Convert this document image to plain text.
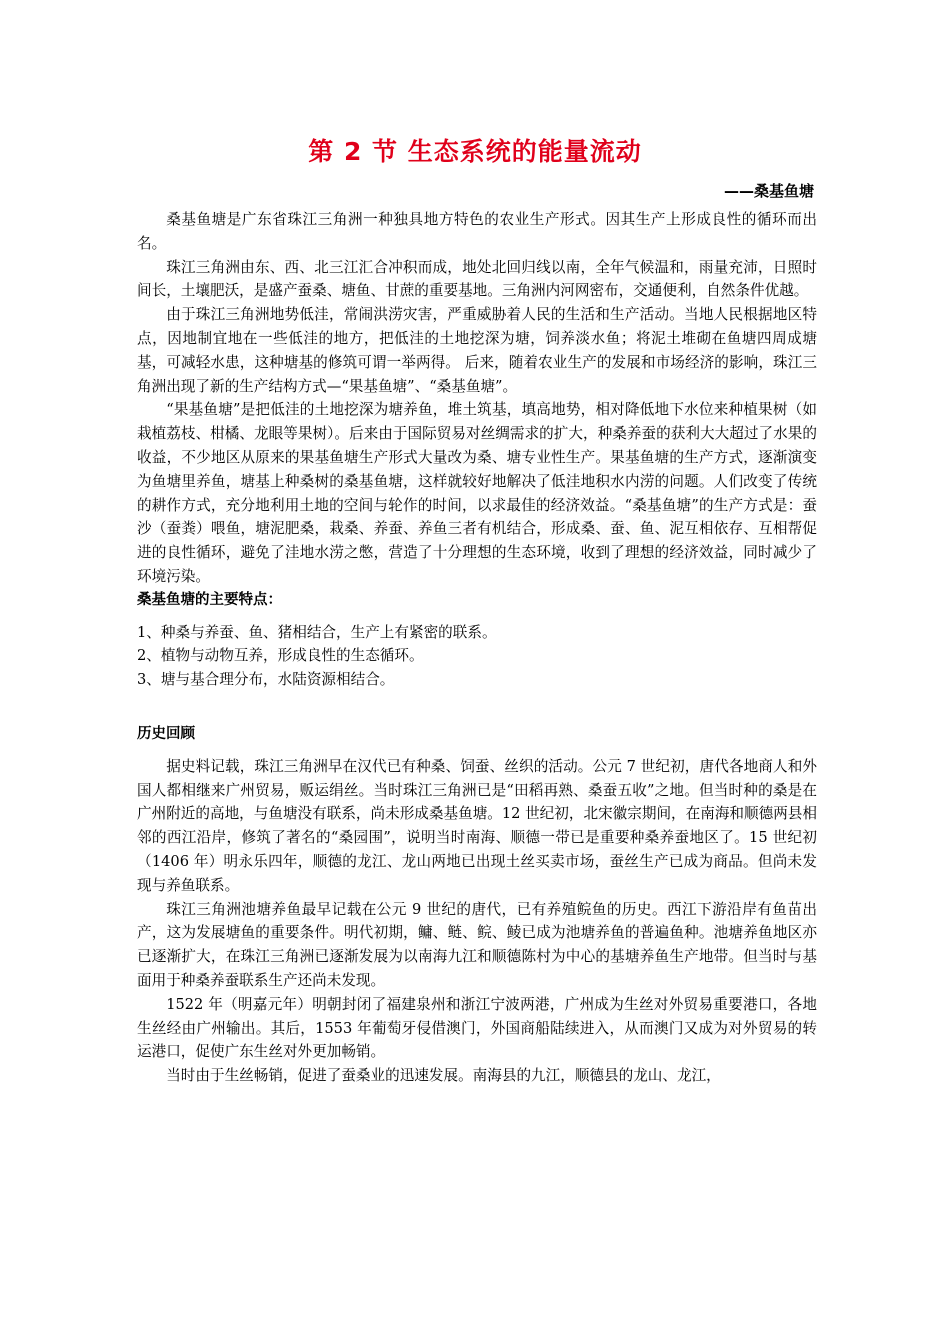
第 2 节 生态系统的能量流动
——桑基鱼塘

桑基鱼塘是广东省珠江三角洲一种独具地方特色的农业生产形式。因其生产上形成良性的循环而出名。

珠江三角洲由东、西、北三江汇合冲积而成，地处北回归线以南，全年气候温和，雨量充沛，日照时间长，土壤肥沃，是盛产蚕桑、塘鱼、甘蔗的重要基地。三角洲内河网密布，交通便利，自然条件优越。

由于珠江三角洲地势低洼，常闹洪涝灾害，严重威胁着人民的生活和生产活动。当地人民根据地区特点，因地制宜地在一些低洼的地方，把低洼的土地挖深为塘，饲养淡水鱼；将泥土堆砌在鱼塘四周成塘基，可减轻水患，这种塘基的修筑可谓一举两得。 后来，随着农业生产的发展和市场经济的影响，珠江三角洲出现了新的生产结构方式—“果基鱼塘”、“桑基鱼塘”。

“果基鱼塘”是把低洼的土地挖深为塘养鱼，堆土筑基，填高地势，相对降低地下水位来种植果树（如栽植荔枝、柑橘、龙眼等果树）。后来由于国际贸易对丝绸需求的扩大，种桑养蚕的获利大大超过了水果的收益，不少地区从原来的果基鱼塘生产形式大量改为桑、塘专业性生产。果基鱼塘的生产方式，逐渐演变为鱼塘里养鱼，塘基上种桑树的桑基鱼塘，这样就较好地解决了低洼地积水内涝的问题。人们改变了传统的耕作方式，充分地利用土地的空间与轮作的时间，以求最佳的经济效益。“桑基鱼塘”的生产方式是：蚕沙（蚕粪）喂鱼，塘泥肥桑，栽桑、养蚕、养鱼三者有机结合，形成桑、蚕、鱼、泥互相依存、互相帮促进的良性循环，避免了洼地水涝之憋，营造了十分理想的生态环境，收到了理想的经济效益，同时减少了环境污染。

桑基鱼塘的主要特点：

1、种桑与养蚕、鱼、猪相结合，生产上有紧密的联系。

2、植物与动物互养，形成良性的生态循环。

3、塘与基合理分布，水陆资源相结合。

历史回顾

据史料记载，珠江三角洲早在汉代已有种桑、饲蚕、丝织的活动。公元 7 世纪初，唐代各地商人和外国人都相继来广州贸易，贩运绢丝。当时珠江三角洲已是“田稻再熟、桑蚕五收”之地。但当时种的桑是在广州附近的高地，与鱼塘没有联系，尚未形成桑基鱼塘。12 世纪初，北宋徽宗期间，在南海和顺德两县相邻的西江沿岸，修筑了著名的“桑园围”，说明当时南海、顺德一带已是重要种桑养蚕地区了。15 世纪初（1406 年）明永乐四年，顺德的龙江、龙山两地已出现土丝买卖市场，蚕丝生产已成为商品。但尚未发现与养鱼联系。

珠江三角洲池塘养鱼最早记载在公元 9 世纪的唐代，已有养殖鲩鱼的历史。西江下游沿岸有鱼苗出产，这为发展塘鱼的重要条件。明代初期，鳙、鲢、鲩、鲮已成为池塘养鱼的普遍鱼种。池塘养鱼地区亦已逐渐扩大，在珠江三角洲已逐渐发展为以南海九江和顺德陈村为中心的基塘养鱼生产地带。但当时与基面用于种桑养蚕联系生产还尚未发现。

1522 年（明嘉元年）明朝封闭了福建泉州和浙江宁波两港，广州成为生丝对外贸易重要港口，各地生丝经由广州输出。其后，1553 年葡萄牙侵借澳门，外国商船陆续进入，从而澳门又成为对外贸易的转运港口，促使广东生丝对外更加畅销。

当时由于生丝畅销，促进了蚕桑业的迅速发展。南海县的九江，顺德县的龙山、龙江，
